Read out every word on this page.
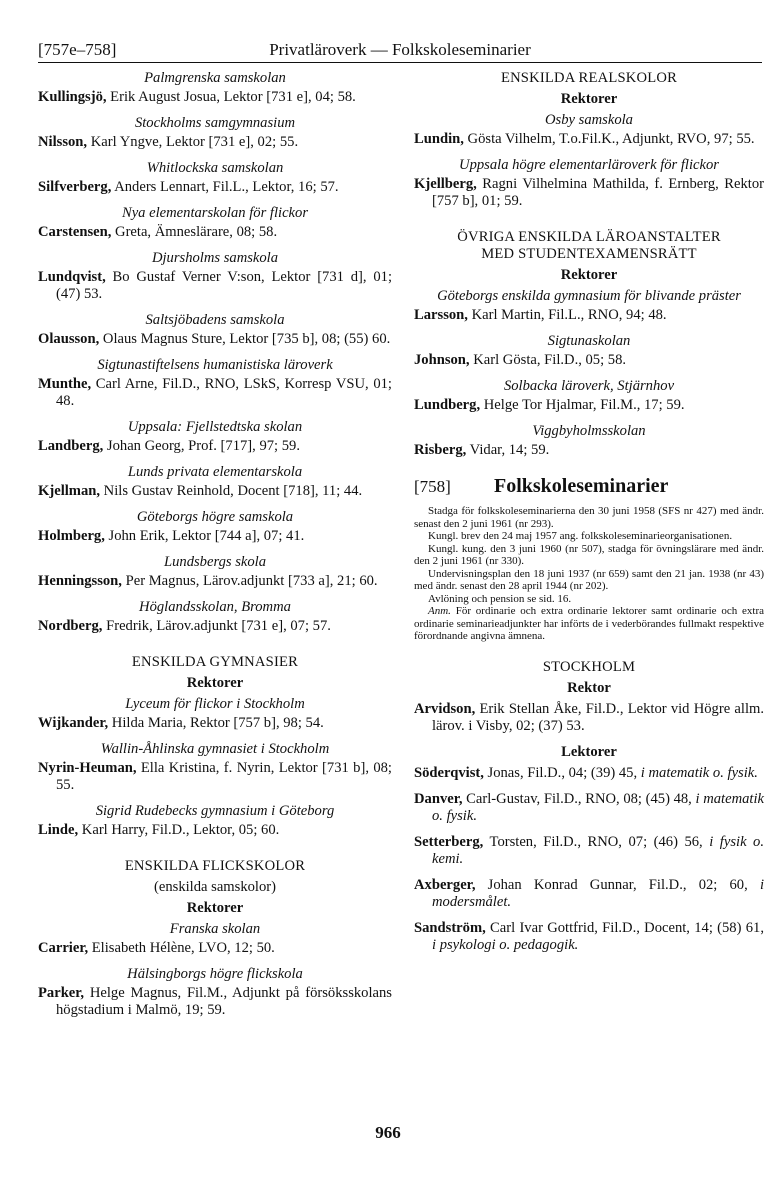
[757e–758]	Privatläroverk — Folkskoleseminarier
Palmgrenska samskolan
Kullingsjö, Erik August Josua, Lektor [731 e], 04; 58.
Stockholms samgymnasium
Nilsson, Karl Yngve, Lektor [731 e], 02; 55.
Whitlockska samskolan
Silfverberg, Anders Lennart, Fil.L., Lektor, 16; 57.
Nya elementarskolan för flickor
Carstensen, Greta, Ämneslärare, 08; 58.
Djursholms samskola
Lundqvist, Bo Gustaf Verner V:son, Lektor [731 d], 01; (47) 53.
Saltsjöbadens samskola
Olausson, Olaus Magnus Sture, Lektor [735 b], 08; (55) 60.
Sigtunastiftelsens humanistiska läroverk
Munthe, Carl Arne, Fil.D., RNO, LSkS, Korresp VSU, 01; 48.
Uppsala: Fjellstedtska skolan
Landberg, Johan Georg, Prof. [717], 97; 59.
Lunds privata elementarskola
Kjellman, Nils Gustav Reinhold, Docent [718], 11; 44.
Göteborgs högre samskola
Holmberg, John Erik, Lektor [744 a], 07; 41.
Lundsbergs skola
Henningsson, Per Magnus, Lärov.adjunkt [733 a], 21; 60.
Höglandsskolan, Bromma
Nordberg, Fredrik, Lärov.adjunkt [731 e], 07; 57.
ENSKILDA GYMNASIER
Rektorer
Lyceum för flickor i Stockholm
Wijkander, Hilda Maria, Rektor [757 b], 98; 54.
Wallin-Åhlinska gymnasiet i Stockholm
Nyrin-Heuman, Ella Kristina, f. Nyrin, Lektor [731 b], 08; 55.
Sigrid Rudebecks gymnasium i Göteborg
Linde, Karl Harry, Fil.D., Lektor, 05; 60.
ENSKILDA FLICKSKOLOR
(enskilda samskolor)
Rektorer
Franska skolan
Carrier, Elisabeth Hélène, LVO, 12; 50.
Hälsingborgs högre flickskola
Parker, Helge Magnus, Fil.M., Adjunkt på försöksskolans högstadium i Malmö, 19; 59.
ENSKILDA REALSKOLOR
Rektorer
Osby samskola
Lundin, Gösta Vilhelm, T.o.Fil.K., Adjunkt, RVO, 97; 55.
Uppsala högre elementarläroverk för flickor
Kjellberg, Ragni Vilhelmina Mathilda, f. Ernberg, Rektor [757 b], 01; 59.
ÖVRIGA ENSKILDA LÄROANSTALTER
MED STUDENTEXAMENSRÄTT
Rektorer
Göteborgs enskilda gymnasium för blivande präster
Larsson, Karl Martin, Fil.L., RNO, 94; 48.
Sigtunaskolan
Johnson, Karl Gösta, Fil.D., 05; 58.
Solbacka läroverk, Stjärnhov
Lundberg, Helge Tor Hjalmar, Fil.M., 17; 59.
Viggbyholmsskolan
Risberg, Vidar, 14; 59.
[758] Folkskoleseminarier

Stadga för folkskoleseminarierna den 30 juni 1958 (SFS nr 427) med ändr. senast den 2 juni 1961 (nr 293).

Kungl. brev den 24 maj 1957 ang. folkskoleseminarieorganisationen.

Kungl. kung. den 3 juni 1960 (nr 507), stadga för övningslärare med ändr. den 2 juni 1961 (nr 330).

Undervisningsplan den 18 juni 1937 (nr 659) samt den 21 jan. 1938 (nr 43) med ändr. senast den 28 april 1944 (nr 202).

Avlöning och pension se sid. 16.

Anm. För ordinarie och extra ordinarie lektorer samt ordinarie och extra ordinarie seminarieadjunkter har införts de i vederbörandes fullmakt respektive förordnande angivna ämnena.

STOCKHOLM
Rektor
Arvidson, Erik Stellan Åke, Fil.D., Lektor vid Högre allm. lärov. i Visby, 02; (37) 53.
Lektorer
Söderqvist, Jonas, Fil.D., 04; (39) 45, i matematik o. fysik.
Danver, Carl-Gustav, Fil.D., RNO, 08; (45) 48, i matematik o. fysik.
Setterberg, Torsten, Fil.D., RNO, 07; (46) 56, i fysik o. kemi.
Axberger, Johan Konrad Gunnar, Fil.D., 02; 60, i modersmålet.
Sandström, Carl Ivar Gottfrid, Fil.D., Docent, 14; (58) 61, i psykologi o. pedagogik.
966
